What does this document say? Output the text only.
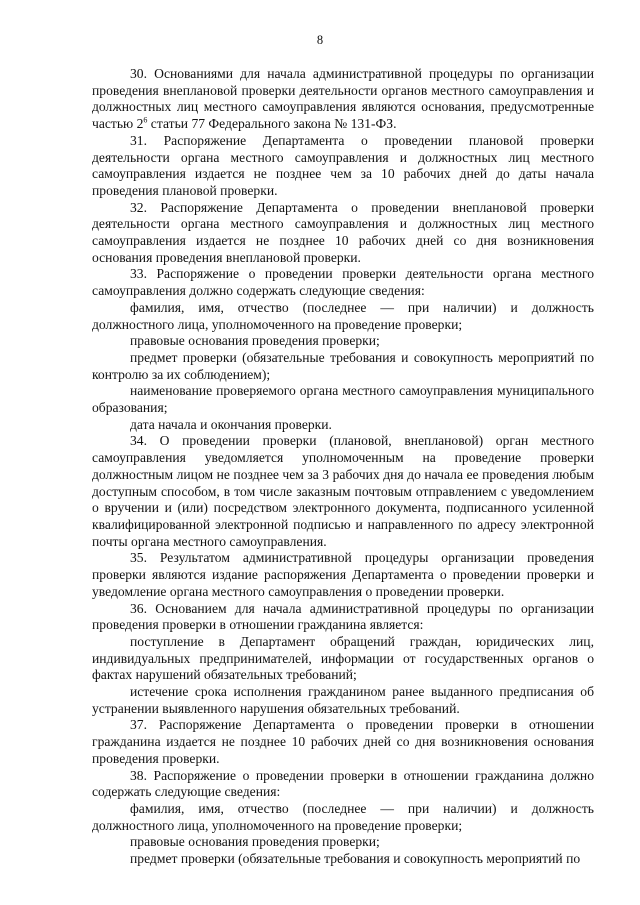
8

30. Основаниями для начала административной процедуры по организации проведения внеплановой проверки деятельности органов местного самоуправления и должностных лиц местного самоуправления являются основания, предусмотренные частью $2^6$ статьи 77 Федерального закона № 131-ФЗ.

31. Распоряжение Департамента о проведении плановой проверки деятельности органа местного самоуправления и должностных лиц местного самоуправления издается не позднее чем за 10 рабочих дней до даты начала проведения плановой проверки.

32. Распоряжение Департамента о проведении внеплановой проверки деятельности органа местного самоуправления и должностных лиц местного самоуправления издается не позднее 10 рабочих дней со дня возникновения основания проведения внеплановой проверки.

33. Распоряжение о проведении проверки деятельности органа местного самоуправления должно содержать следующие сведения:

фамилия, имя, отчество (последнее — при наличии) и должность должностного лица, уполномоченного на проведение проверки;

правовые основания проведения проверки;

предмет проверки (обязательные требования и совокупность мероприятий по контролю за их соблюдением);

наименование проверяемого органа местного самоуправления муниципального образования;

дата начала и окончания проверки.

34. О проведении проверки (плановой, внеплановой) орган местного самоуправления уведомляется уполномоченным на проведение проверки должностным лицом не позднее чем за 3 рабочих дня до начала ее проведения любым доступным способом, в том числе заказным почтовым отправлением с уведомлением о вручении и (или) посредством электронного документа, подписанного усиленной квалифицированной электронной подписью и направленного по адресу электронной почты органа местного самоуправления.

35. Результатом административной процедуры организации проведения проверки являются издание распоряжения Департамента о проведении проверки и уведомление органа местного самоуправления о проведении проверки.

36. Основанием для начала административной процедуры по организации проведения проверки в отношении гражданина является:

поступление в Департамент обращений граждан, юридических лиц, индивидуальных предпринимателей, информации от государственных органов о фактах нарушений обязательных требований;

истечение срока исполнения гражданином ранее выданного предписания об устранении выявленного нарушения обязательных требований.

37. Распоряжение Департамента о проведении проверки в отношении гражданина издается не позднее 10 рабочих дней со дня возникновения основания проведения проверки.

38. Распоряжение о проведении проверки в отношении гражданина должно содержать следующие сведения:

фамилия, имя, отчество (последнее — при наличии) и должность должностного лица, уполномоченного на проведение проверки;

правовые основания проведения проверки;

предмет проверки (обязательные требования и совокупность мероприятий по
